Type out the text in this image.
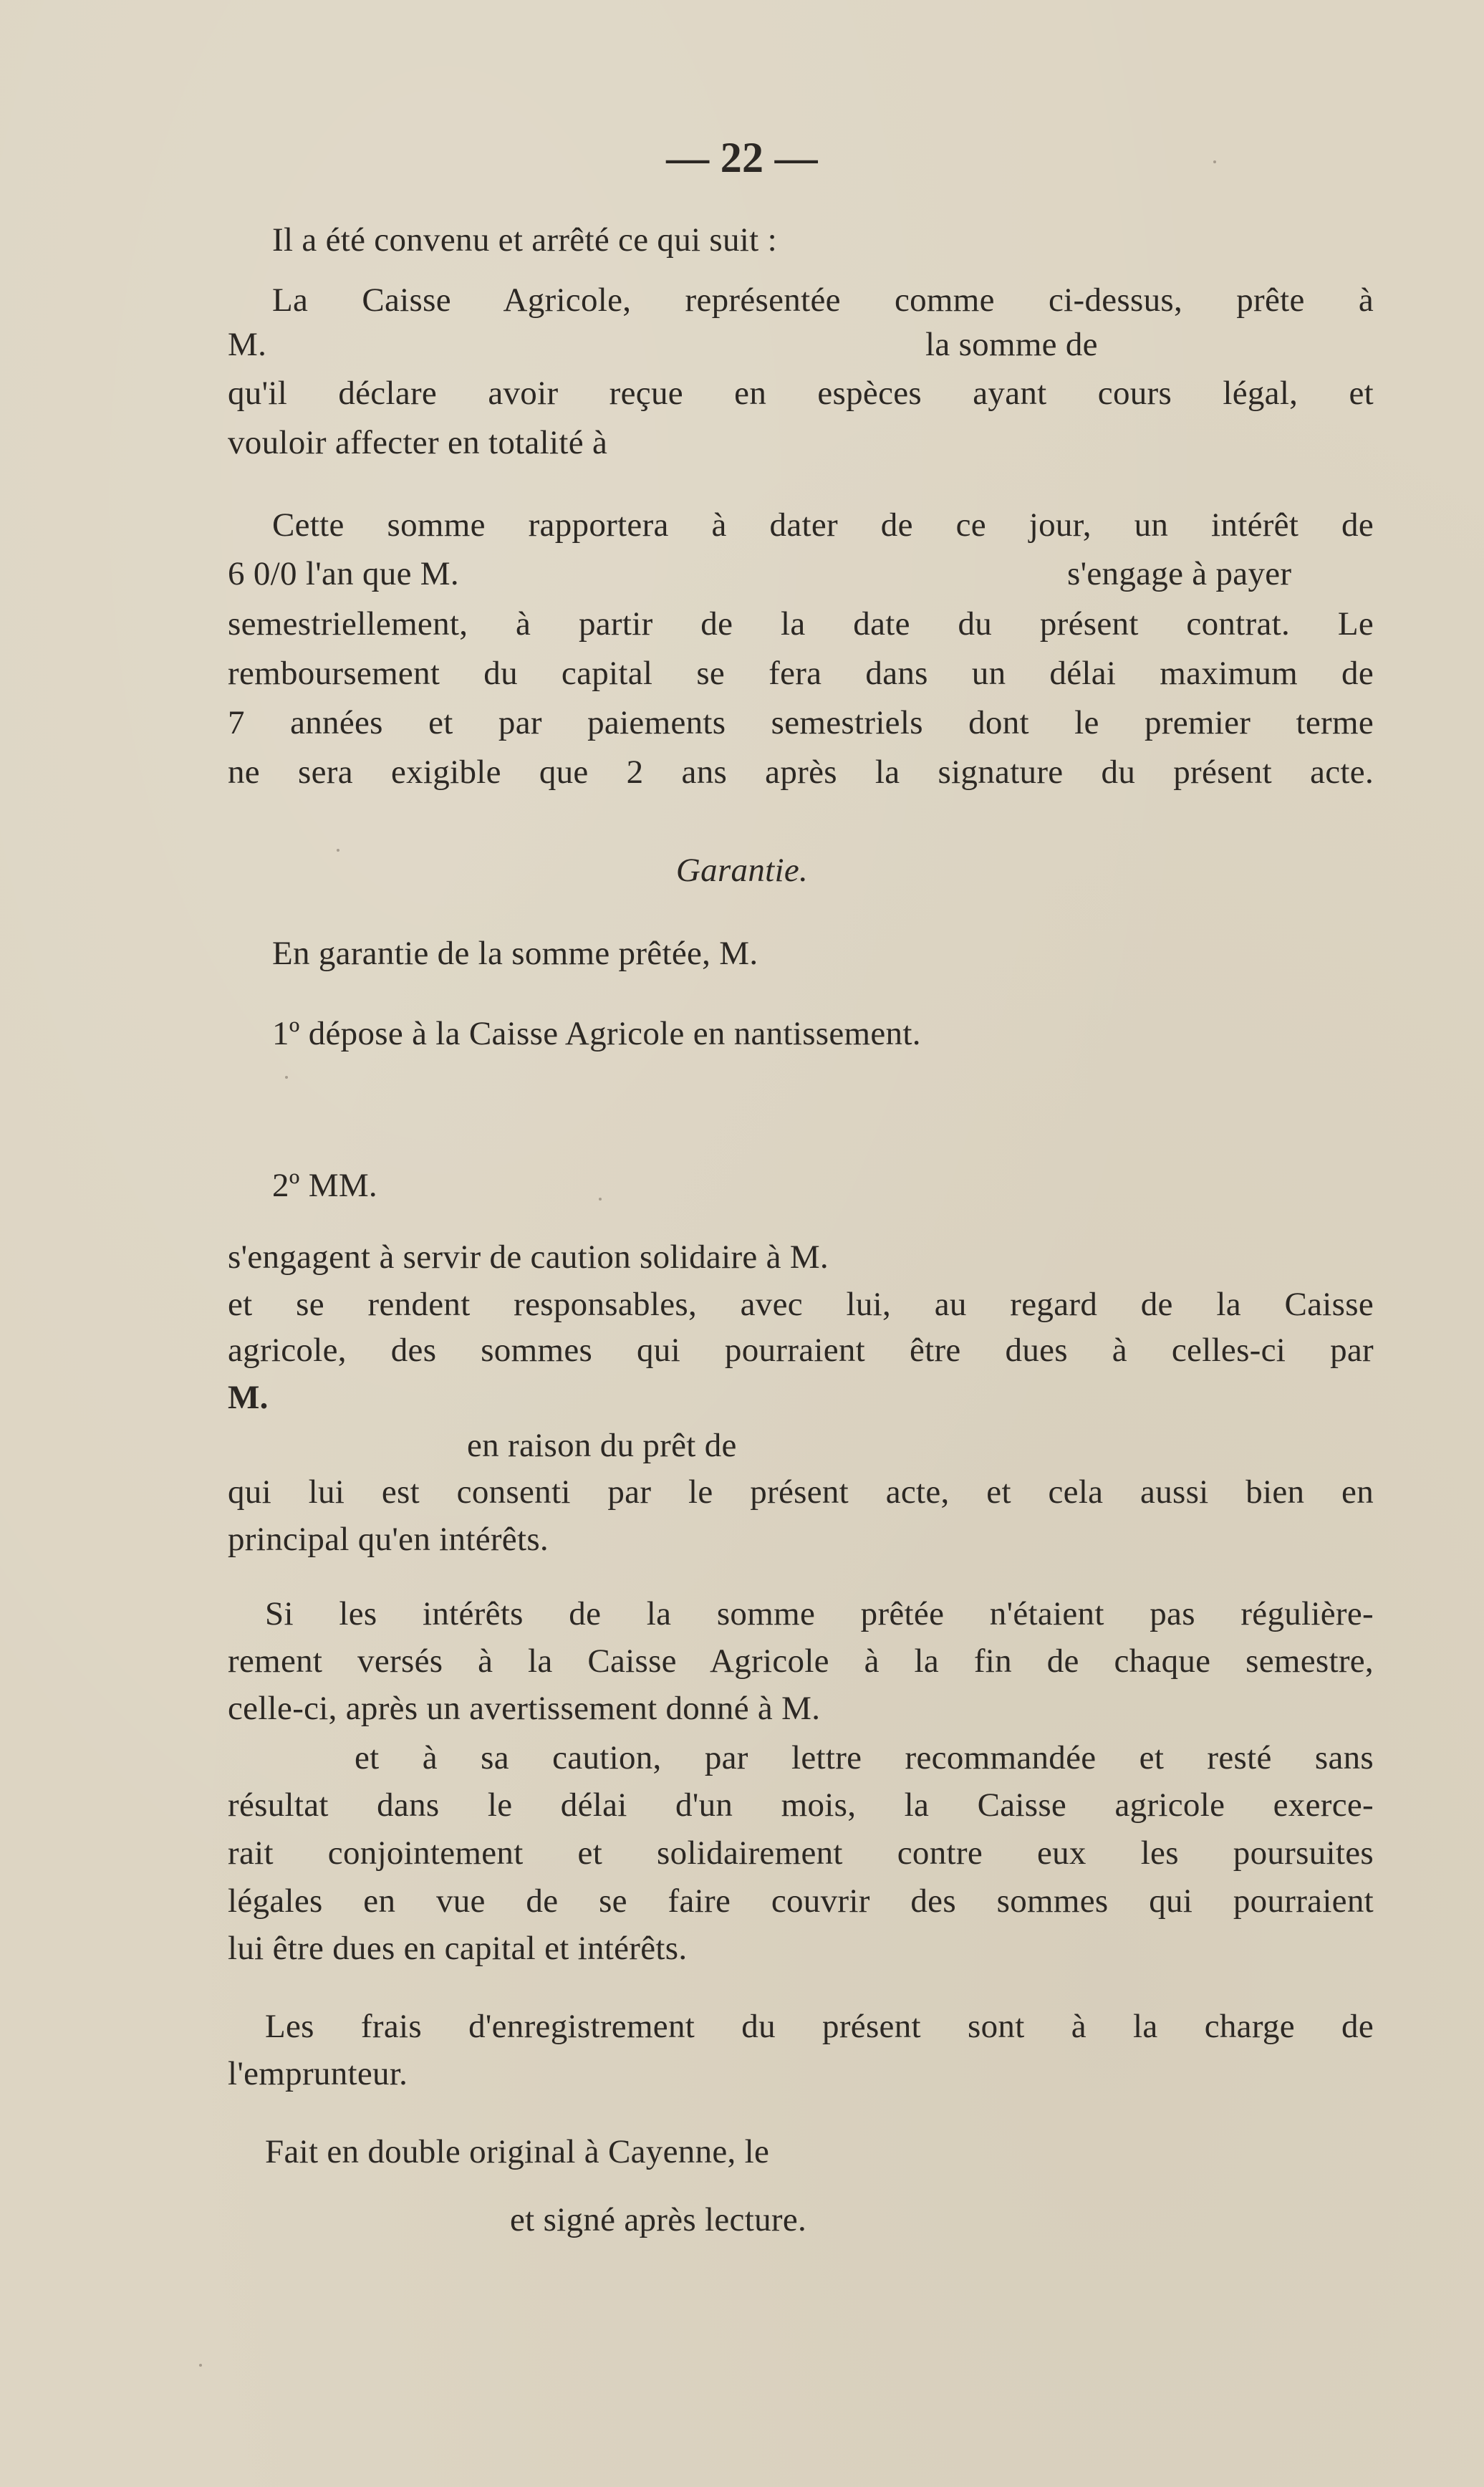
— 22 —
Il a été convenu et arrêté ce qui suit :
La Caisse Agricole, représentée comme ci-dessus, prête à
M.	la somme de
qu'il déclare avoir reçue en espèces ayant cours légal, et
vouloir affecter en totalité à
Cette somme rapportera à dater de ce jour, un intérêt de
6 0/0 l'an que M.	s'engage à payer
semestriellement, à partir de la date du présent contrat. Le
remboursement du capital se fera dans un délai maximum de
7 années et par paiements semestriels dont le premier terme
ne sera exigible que 2 ans après la signature du présent acte.
Garantie.
En garantie de la somme prêtée, M.
1º dépose à la Caisse Agricole en nantissement.
2º MM.
s'engagent à servir de caution solidaire à M.
et se rendent responsables, avec lui, au regard de la Caisse
agricole, des sommes qui pourraient être dues à celles-ci par
M.
en raison du prêt de
qui lui est consenti par le présent acte, et cela aussi bien en
principal qu'en intérêts.
Si les intérêts de la somme prêtée n'étaient pas régulière-
rement versés à la Caisse Agricole à la fin de chaque semestre,
celle-ci, après un avertissement donné à M.
et à sa caution, par lettre recommandée et resté sans
résultat dans le délai d'un mois, la Caisse agricole exerce-
rait conjointement et solidairement contre eux les poursuites
légales en vue de se faire couvrir des sommes qui pourraient
lui être dues en capital et intérêts.
Les frais d'enregistrement du présent sont à la charge de
l'emprunteur.
Fait en double original à Cayenne, le
et signé après lecture.
